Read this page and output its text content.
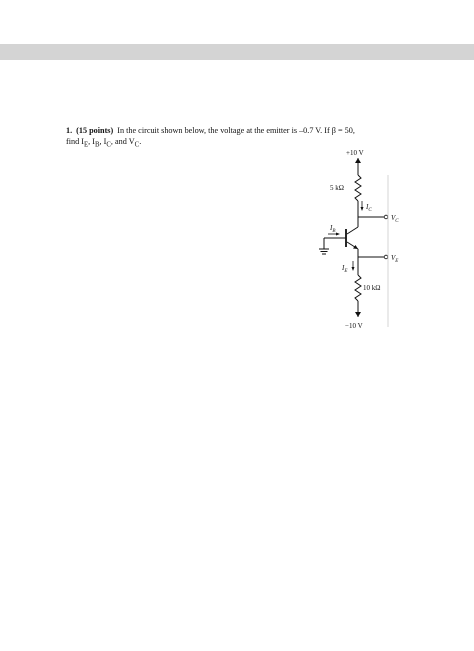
1. (15 points) In the circuit shown below, the voltage at the emitter is –0.7 V. If β = 50,
find $I_E$, $I_B$, $I_C$, and $V_C$.
+10 V
5 kΩ
$I_C$
$V_C$
$I_B$
$V_E$
$I_E$
10 kΩ
−10 V
